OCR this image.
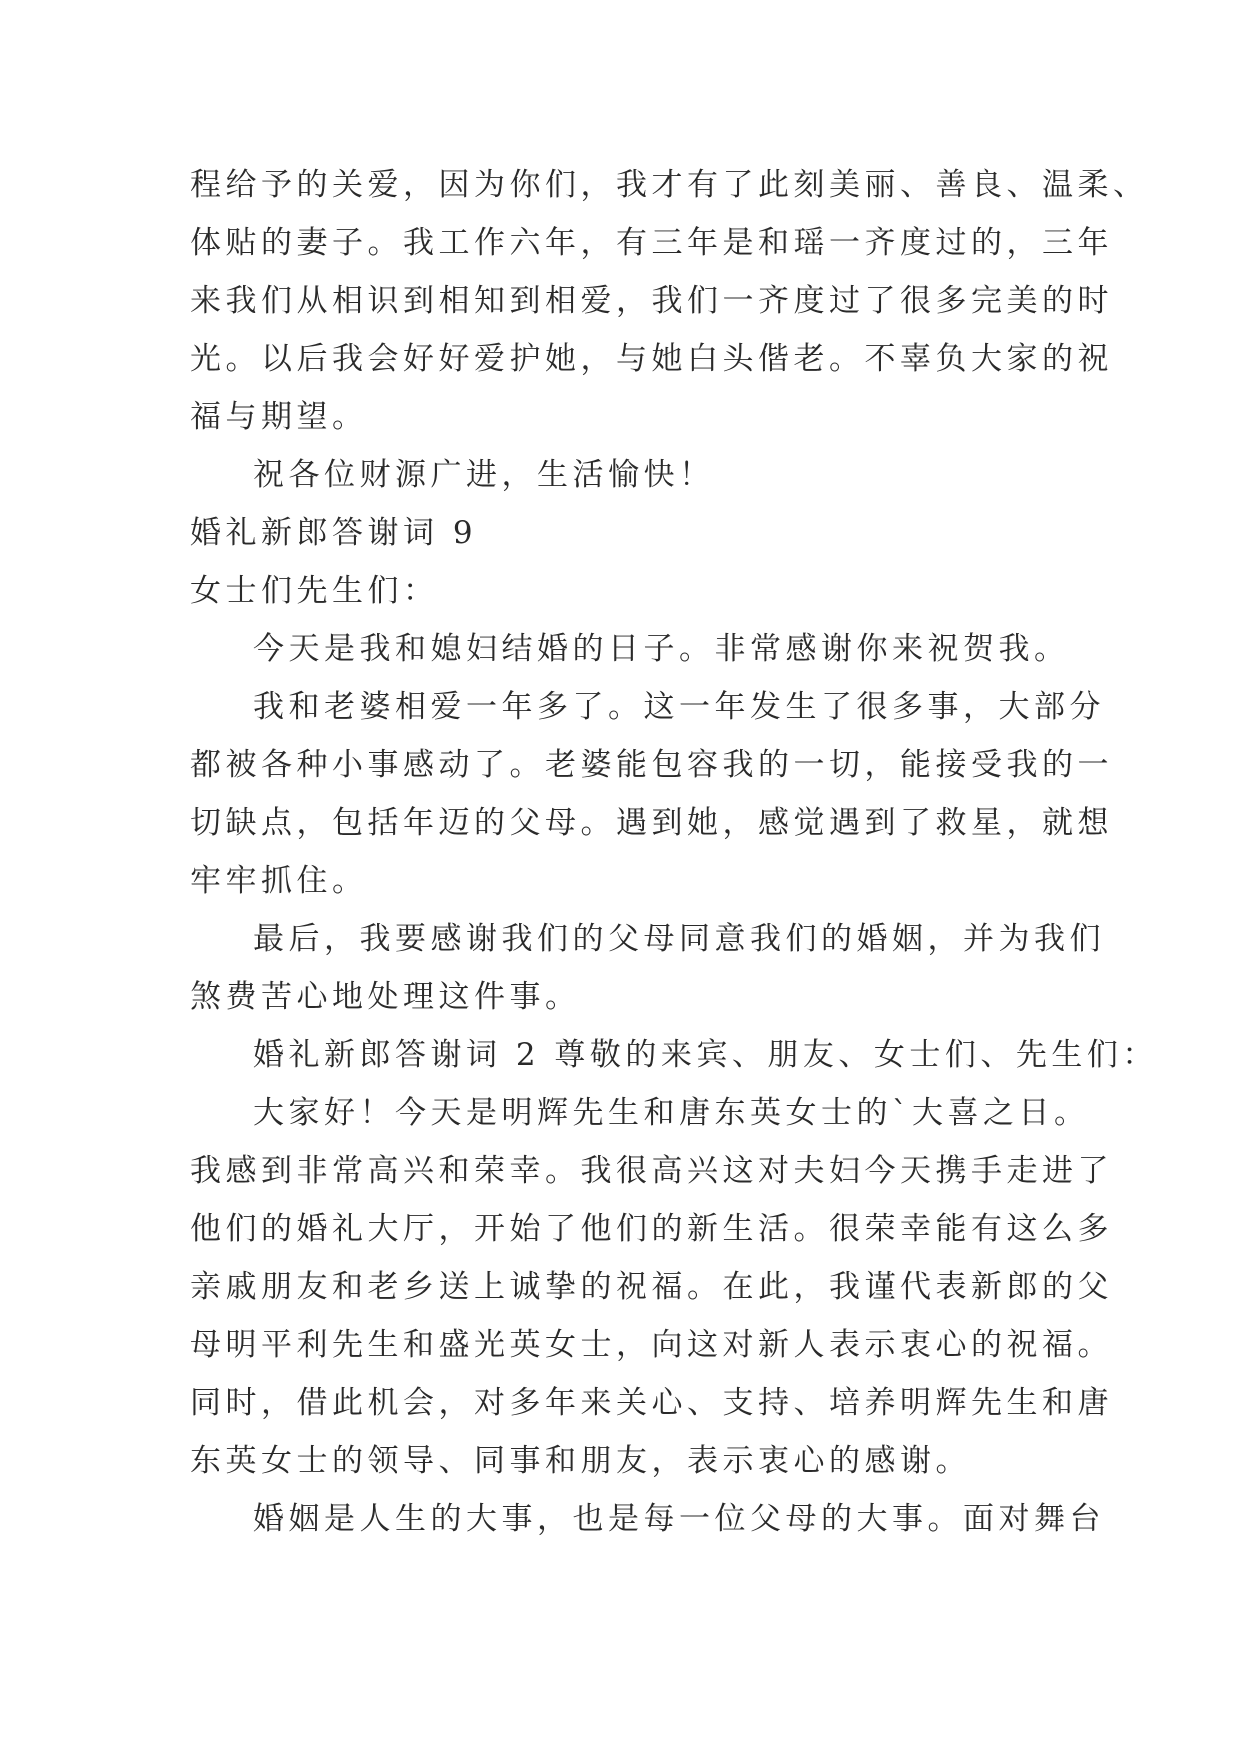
程给予的关爱，因为你们，我才有了此刻美丽、善良、温柔、
体贴的妻子。我工作六年，有三年是和瑶一齐度过的，三年
来我们从相识到相知到相爱，我们一齐度过了很多完美的时
光。以后我会好好爱护她，与她白头偕老。不辜负大家的祝
福与期望。
祝各位财源广进，生活愉快！
婚礼新郎答谢词 9
女士们先生们：
今天是我和媳妇结婚的日子。非常感谢你来祝贺我。
我和老婆相爱一年多了。这一年发生了很多事，大部分
都被各种小事感动了。老婆能包容我的一切，能接受我的一
切缺点，包括年迈的父母。遇到她，感觉遇到了救星，就想
牢牢抓住。
最后，我要感谢我们的父母同意我们的婚姻，并为我们
煞费苦心地处理这件事。
婚礼新郎答谢词 2 尊敬的来宾、朋友、女士们、先生们：
大家好！今天是明辉先生和唐东英女士的`大喜之日。
我感到非常高兴和荣幸。我很高兴这对夫妇今天携手走进了
他们的婚礼大厅，开始了他们的新生活。很荣幸能有这么多
亲戚朋友和老乡送上诚挚的祝福。在此，我谨代表新郎的父
母明平利先生和盛光英女士，向这对新人表示衷心的祝福。
同时，借此机会，对多年来关心、支持、培养明辉先生和唐
东英女士的领导、同事和朋友，表示衷心的感谢。
婚姻是人生的大事，也是每一位父母的大事。面对舞台
